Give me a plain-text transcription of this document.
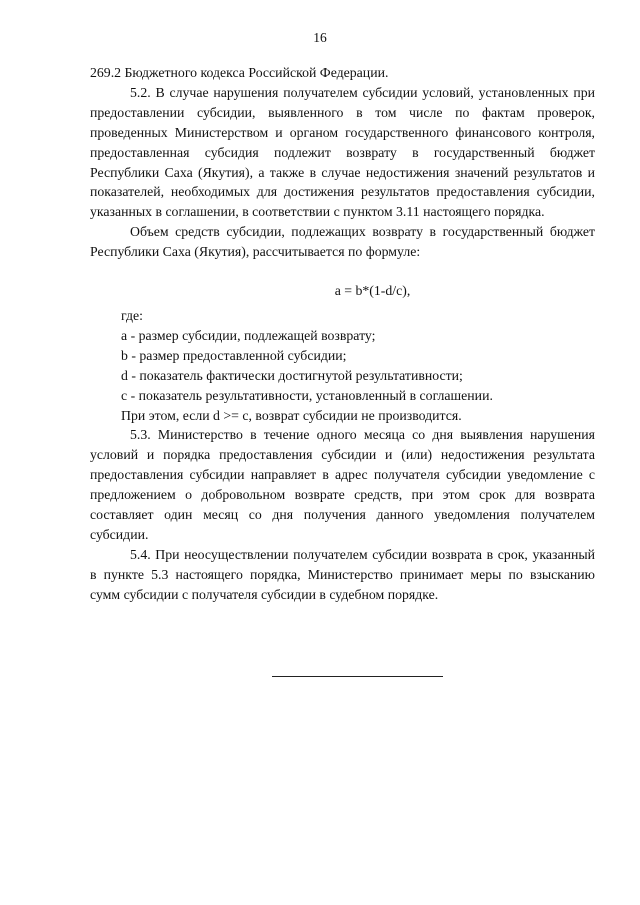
16

269.2 Бюджетного кодекса Российской Федерации.

5.2. В случае нарушения получателем субсидии условий, установленных при предоставлении субсидии, выявленного в том числе по фактам проверок, проведенных Министерством и органом государственного финансового контроля, предоставленная субсидия подлежит возврату в государственный бюджет Республики Саха (Якутия), а также в случае недостижения значений результатов и показателей, необходимых для достижения результатов предоставления субсидии, указанных в соглашении, в соответствии с пунктом 3.11 настоящего порядка.

Объем средств субсидии, подлежащих возврату в государственный бюджет Республики Саха (Якутия), рассчитывается по формуле:

a = b*(1-d/c),

где:

a - размер субсидии, подлежащей возврату;

b - размер предоставленной субсидии;

d - показатель фактически достигнутой результативности;

c - показатель результативности, установленный в соглашении.

При этом, если d >= c, возврат субсидии не производится.

5.3. Министерство в течение одного месяца со дня выявления нарушения условий и порядка предоставления субсидии и (или) недостижения результата предоставления субсидии направляет в адрес получателя субсидии уведомление с предложением о добровольном возврате средств, при этом срок для возврата составляет один месяц со дня получения данного уведомления получателем субсидии.

5.4. При неосуществлении получателем субсидии возврата в срок, указанный в пункте 5.3 настоящего порядка, Министерство принимает меры по взысканию сумм субсидии с получателя субсидии в судебном порядке.
